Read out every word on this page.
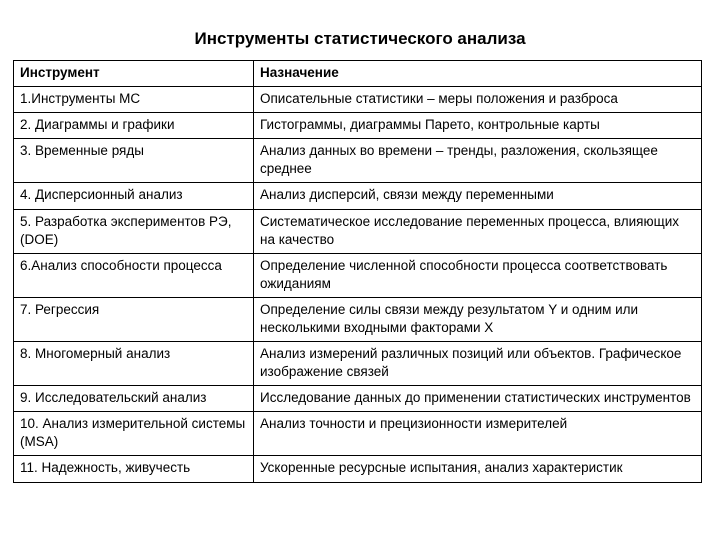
Инструменты статистического анализа
Инструмент	Назначение
1.Инструменты МС	Описательные статистики – меры положения и разброса
2. Диаграммы и графики	Гистограммы, диаграммы Парето, контрольные карты
3. Временные ряды	Анализ данных во времени – тренды, разложения, скользящее среднее
4. Дисперсионный анализ	Анализ дисперсий, связи между переменными
5. Разработка экспериментов РЭ, (DOE)	Систематическое исследование переменных процесса, влияющих на качество
6.Анализ способности процесса	Определение численной способности процесса соответствовать ожиданиям
7. Регрессия	Определение силы связи между результатом Y и одним или несколькими входными факторами Х
8. Многомерный анализ	Анализ измерений различных позиций или объектов. Графическое изображение связей
9. Исследовательский анализ	Исследование данных до применении статистических инструментов
10. Анализ измерительной системы (MSA)	Анализ точности и прецизионности измерителей
11. Надежность, живучесть	Ускоренные ресурсные испытания, анализ характеристик
